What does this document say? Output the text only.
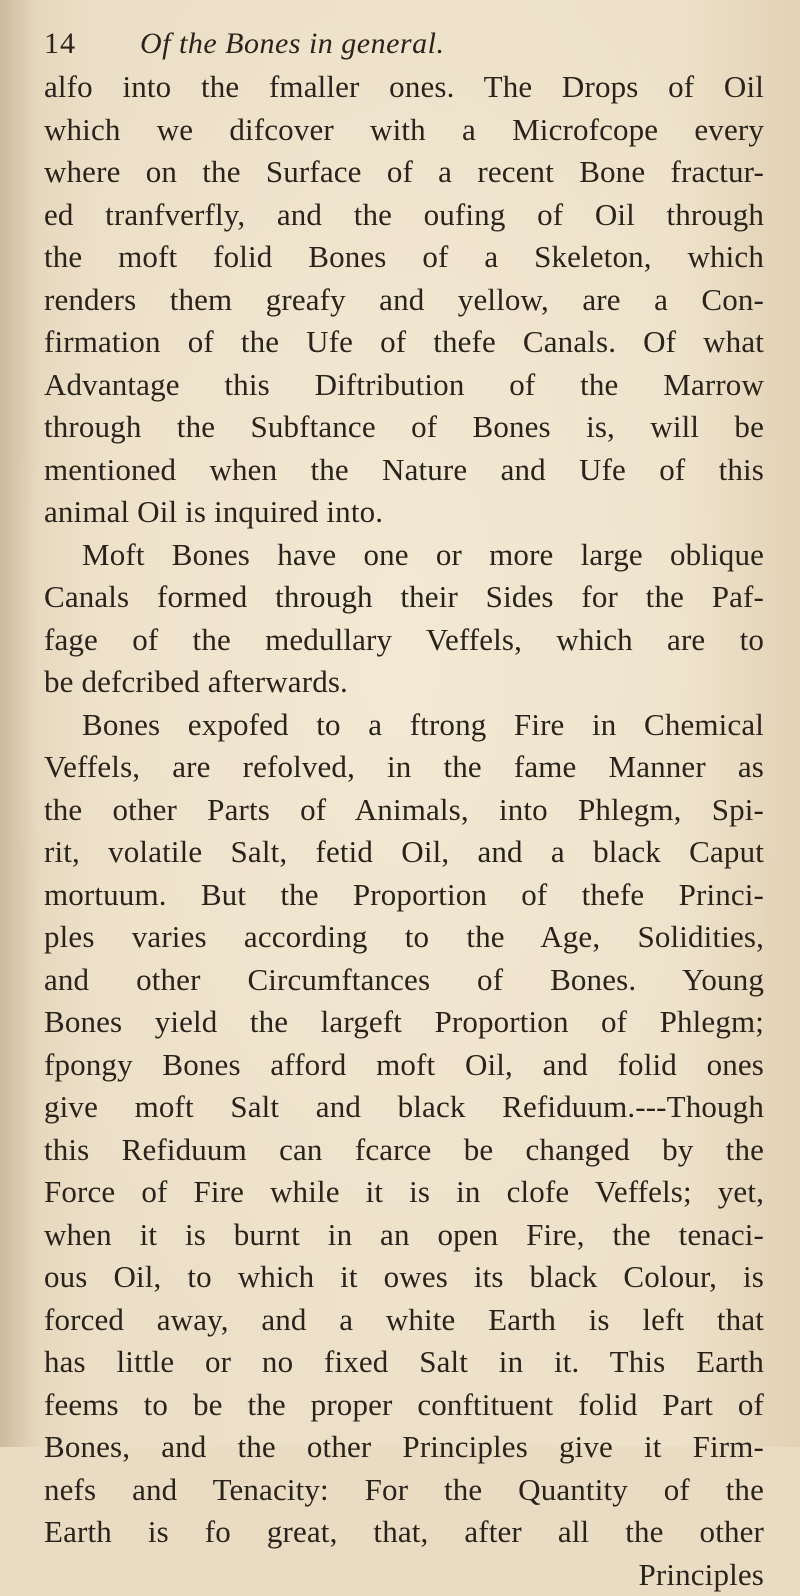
14 Of the Bones in general.
alfo into the fmaller ones. The Drops of Oil
which we difcover with a Microfcope every
where on the Surface of a recent Bone fractur-
ed tranfverfly, and the oufing of Oil through
the moft folid Bones of a Skeleton, which
renders them greafy and yellow, are a Con-
firmation of the Ufe of thefe Canals. Of what
Advantage this Diftribution of the Marrow
through the Subftance of Bones is, will be
mentioned when the Nature and Ufe of this
animal Oil is inquired into.
Moft Bones have one or more large oblique
Canals formed through their Sides for the Paf-
fage of the medullary Veffels, which are to
be defcribed afterwards.
Bones expofed to a ftrong Fire in Chemical
Veffels, are refolved, in the fame Manner as
the other Parts of Animals, into Phlegm, Spi-
rit, volatile Salt, fetid Oil, and a black Caput
mortuum. But the Proportion of thefe Princi-
ples varies according to the Age, Solidities,
and other Circumftances of Bones. Young
Bones yield the largeft Proportion of Phlegm;
fpongy Bones afford moft Oil, and folid ones
give moft Salt and black Refiduum.---Though
this Refiduum can fcarce be changed by the
Force of Fire while it is in clofe Veffels; yet,
when it is burnt in an open Fire, the tenaci-
ous Oil, to which it owes its black Colour, is
forced away, and a white Earth is left that
has little or no fixed Salt in it. This Earth
feems to be the proper conftituent folid Part of
Bones, and the other Principles give it Firm-
nefs and Tenacity: For the Quantity of the
Earth is fo great, that, after all the other
Principles
